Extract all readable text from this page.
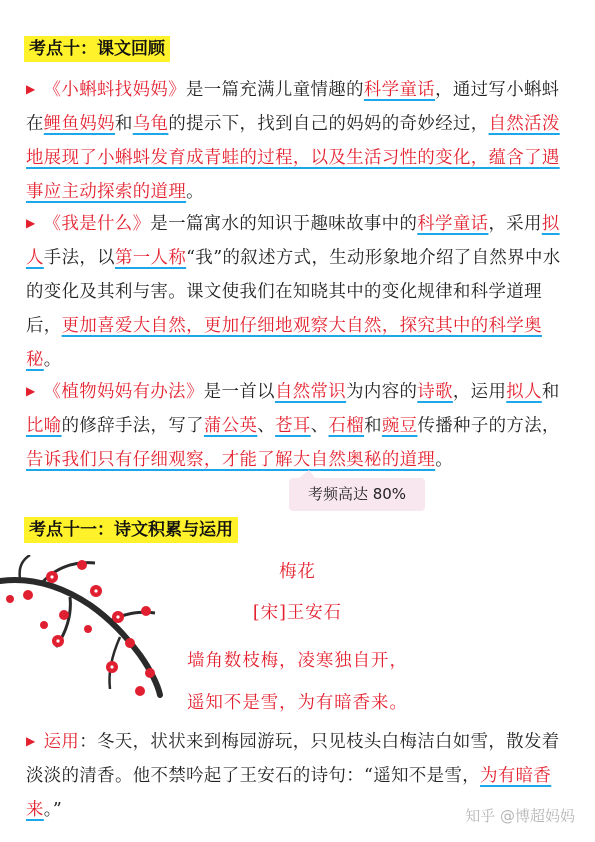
考点十：课文回顾
▶ 《小蝌蚪找妈妈》是一篇充满儿童情趣的科学童话，通过写小蝌蚪在鲤鱼妈妈和乌龟的提示下，找到自己的妈妈的奇妙经过，自然活泼地展现了小蝌蚪发育成青蛙的过程，以及生活习性的变化，蕴含了遇事应主动探索的道理。
▶ 《我是什么》是一篇寓水的知识于趣味故事中的科学童话，采用拟人手法，以第一人称“我”的叙述方式，生动形象地介绍了自然界中水的变化及其利与害。课文使我们在知晓其中的变化规律和科学道理后，更加喜爱大自然，更加仔细地观察大自然，探究其中的科学奥秘。
▶ 《植物妈妈有办法》是一首以自然常识为内容的诗歌，运用拟人和比喻的修辞手法，写了蒲公英、苍耳、石榴和豌豆传播种子的方法，告诉我们只有仔细观察，才能了解大自然奥秘的道理。
考频高达 80%
考点十一：诗文积累与运用
梅花
[宋]王安石
墙角数枝梅，凌寒独自开，
遥知不是雪，为有暗香来。
▶ 运用：冬天，状状来到梅园游玩，只见枝头白梅洁白如雪，散发着淡淡的清香。他不禁吟起了王安石的诗句：“遥知不是雪，为有暗香来。”	知乎 @博超妈妈
